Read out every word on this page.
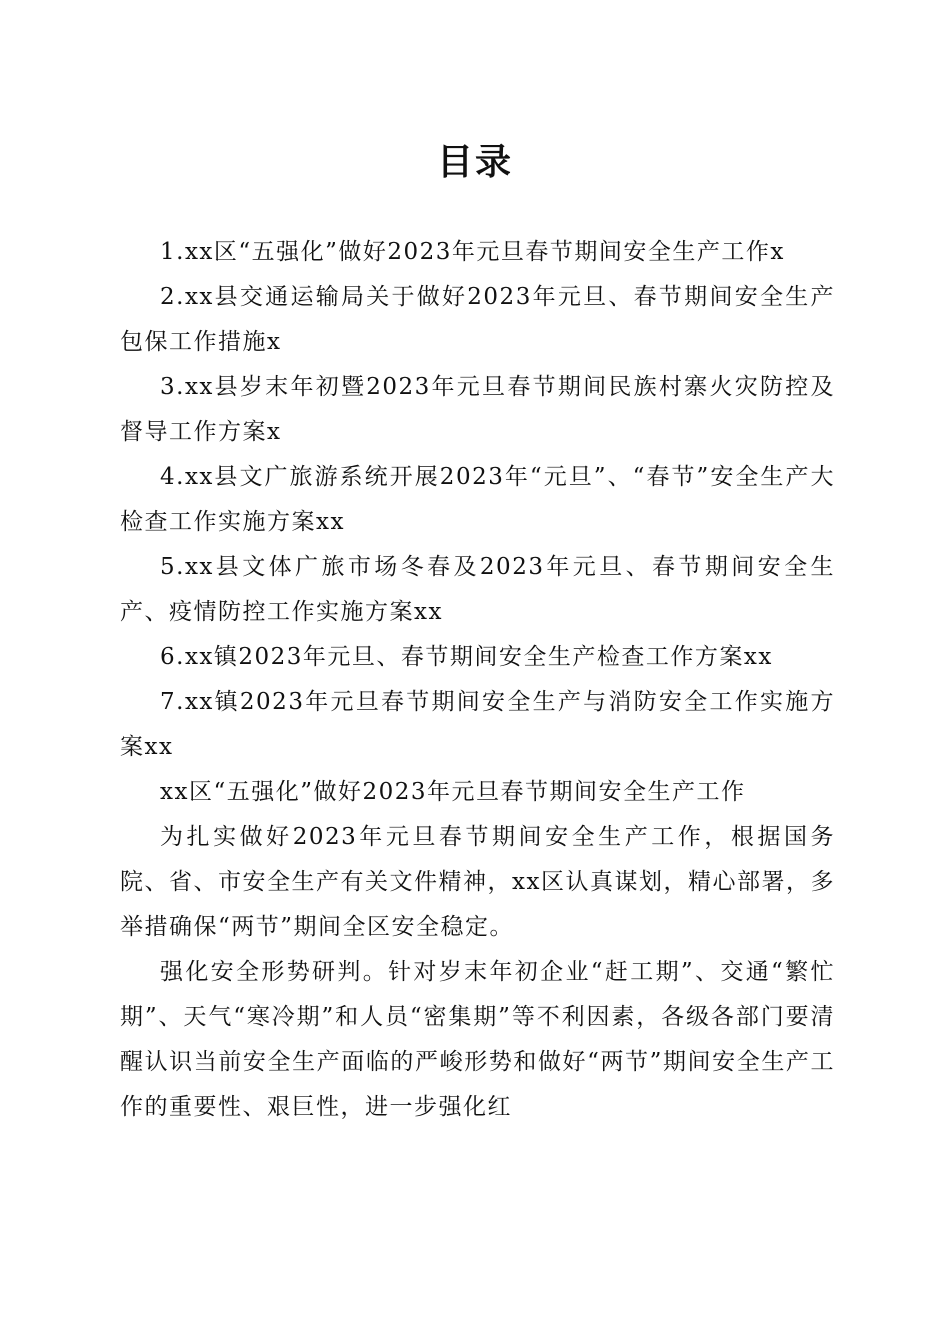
目录

1.xx区“五强化”做好2023年元旦春节期间安全生产工作x

2.xx县交通运输局关于做好2023年元旦、春节期间安全生产包保工作措施x

3.xx县岁末年初暨2023年元旦春节期间民族村寨火灾防控及督导工作方案x

4.xx县文广旅游系统开展2023年“元旦”、“春节”安全生产大检查工作实施方案xx

5.xx县文体广旅市场冬春及2023年元旦、春节期间安全生产、疫情防控工作实施方案xx

6.xx镇2023年元旦、春节期间安全生产检查工作方案xx

7.xx镇2023年元旦春节期间安全生产与消防安全工作实施方案xx

xx区“五强化”做好2023年元旦春节期间安全生产工作

为扎实做好2023年元旦春节期间安全生产工作，根据国务院、省、市安全生产有关文件精神，xx区认真谋划，精心部署，多举措确保“两节”期间全区安全稳定。

强化安全形势研判。针对岁末年初企业“赶工期”、交通“繁忙期”、天气“寒冷期”和人员“密集期”等不利因素，各级各部门要清醒认识当前安全生产面临的严峻形势和做好“两节”期间安全生产工作的重要性、艰巨性，进一步强化红
